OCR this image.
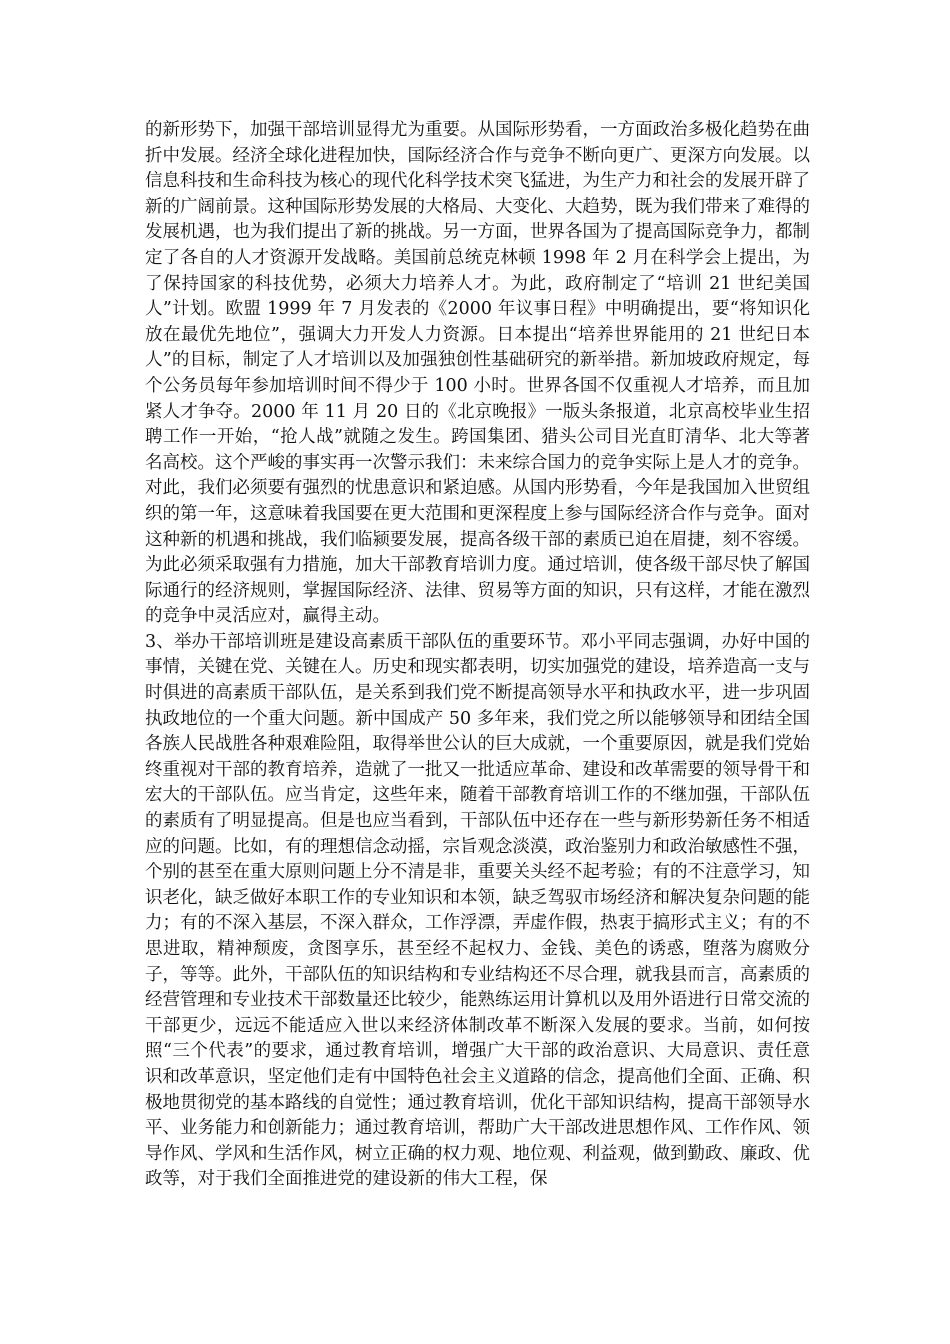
的新形势下，加强干部培训显得尤为重要。从国际形势看，一方面政治多极化趋势在曲折中发展。经济全球化进程加快，国际经济合作与竞争不断向更广、更深方向发展。以信息科技和生命科技为核心的现代化科学技术突飞猛进，为生产力和社会的发展开辟了新的广阔前景。这种国际形势发展的大格局、大变化、大趋势，既为我们带来了难得的发展机遇，也为我们提出了新的挑战。另一方面，世界各国为了提高国际竞争力，都制定了各自的人才资源开发战略。美国前总统克林顿 1998 年 2 月在科学会上提出，为了保持国家的科技优势，必须大力培养人才。为此，政府制定了“培训 21 世纪美国人”计划。欧盟 1999 年 7 月发表的《2000 年议事日程》中明确提出，要“将知识化放在最优先地位”，强调大力开发人力资源。日本提出“培养世界能用的 21 世纪日本人”的目标，制定了人才培训以及加强独创性基础研究的新举措。新加坡政府规定，每个公务员每年参加培训时间不得少于 100 小时。世界各国不仅重视人才培养，而且加紧人才争夺。2000 年 11 月 20 日的《北京晚报》一版头条报道，北京高校毕业生招聘工作一开始，“抢人战”就随之发生。跨国集团、猎头公司目光直盯清华、北大等著名高校。这个严峻的事实再一次警示我们：未来综合国力的竞争实际上是人才的竞争。对此，我们必须要有强烈的忧患意识和紧迫感。从国内形势看，今年是我国加入世贸组织的第一年，这意味着我国要在更大范围和更深程度上参与国际经济合作与竞争。面对这种新的机遇和挑战，我们临颍要发展，提高各级干部的素质已迫在眉捷，刻不容缓。为此必须采取强有力措施，加大干部教育培训力度。通过培训，使各级干部尽快了解国际通行的经济规则，掌握国际经济、法律、贸易等方面的知识，只有这样，才能在激烈的竞争中灵活应对，赢得主动。

3、举办干部培训班是建设高素质干部队伍的重要环节。邓小平同志强调，办好中国的事情，关键在党、关键在人。历史和现实都表明，切实加强党的建设，培养造高一支与时俱进的高素质干部队伍，是关系到我们党不断提高领导水平和执政水平，进一步巩固执政地位的一个重大问题。新中国成产 50 多年来，我们党之所以能够领导和团结全国各族人民战胜各种艰难险阻，取得举世公认的巨大成就，一个重要原因，就是我们党始终重视对干部的教育培养，造就了一批又一批适应革命、建设和改革需要的领导骨干和宏大的干部队伍。应当肯定，这些年来，随着干部教育培训工作的不继加强，干部队伍的素质有了明显提高。但是也应当看到，干部队伍中还存在一些与新形势新任务不相适应的问题。比如，有的理想信念动摇，宗旨观念淡漠，政治鉴别力和政治敏感性不强，个别的甚至在重大原则问题上分不清是非，重要关头经不起考验；有的不注意学习，知识老化，缺乏做好本职工作的专业知识和本领，缺乏驾驭市场经济和解决复杂问题的能力；有的不深入基层，不深入群众，工作浮漂，弄虚作假，热衷于搞形式主义；有的不思进取，精神颓废，贪图享乐，甚至经不起权力、金钱、美色的诱惑，堕落为腐败分子，等等。此外，干部队伍的知识结构和专业结构还不尽合理，就我县而言，高素质的经营管理和专业技术干部数量还比较少，能熟练运用计算机以及用外语进行日常交流的干部更少，远远不能适应入世以来经济体制改革不断深入发展的要求。当前，如何按照“三个代表”的要求，通过教育培训，增强广大干部的政治意识、大局意识、责任意识和改革意识，坚定他们走有中国特色社会主义道路的信念，提高他们全面、正确、积极地贯彻党的基本路线的自觉性；通过教育培训，优化干部知识结构，提高干部领导水平、业务能力和创新能力；通过教育培训，帮助广大干部改进思想作风、工作作风、领导作风、学风和生活作风，树立正确的权力观、地位观、利益观，做到勤政、廉政、优政等，对于我们全面推进党的建设新的伟大工程，保
